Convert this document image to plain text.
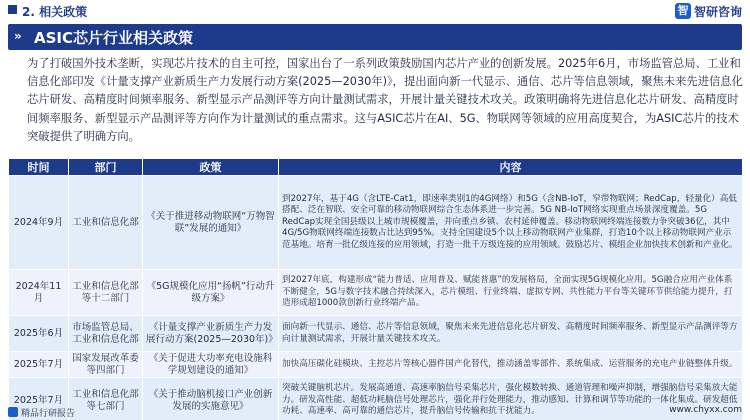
2. 相关政策	智 智研咨询
» ASIC芯片行业相关政策

为了打破国外技术垄断，实现芯片技术的自主可控，国家出台了一系列政策鼓励国内芯片产业的创新发展。2025年6月，市场监管总局、工业和信息化部印发《计量支撑产业新质生产力发展行动方案(2025—2030年)》，提出面向新一代显示、通信、芯片等信息领域，聚焦未来先进信息化芯片研发、高精度时间频率服务、新型显示产品测评等方向计量测试需求，开展计量关键技术攻关。政策明确将先进信息化芯片研发、高精度时间频率服务、新型显示产品测评等方向作为计量测试的重点需求。这与ASIC芯片在AI、5G、物联网等领域的应用高度契合，为ASIC芯片的技术突破提供了明确方向。

时间	部门	政策	内容
2024年9月	工业和信息化部	《关于推进移动物联网“万物智联”发展的通知》	到2027年，基于4G（含LTE-Cat1，即速率类别1的4G网络）和5G（含NB-IoT，窄带物联网；RedCap，轻量化）高低搭配、泛在智联、安全可靠的移动物联网综合生态体系进一步完善。5G NB-IoT网络实现重点场景深度覆盖。5G RedCap实现全国县级以上城市规模覆盖，并向重点乡镇、农村延伸覆盖。移动物联网终端连接数力争突破36亿，其中4G/5G物联网终端连接数占比达到95%。支持全国建设5个以上移动物联网产业集群，打造10个以上移动物联网产业示范基地。培育一批亿级连接的应用领域，打造一批千万级连接的应用领域。鼓励芯片、模组企业加快技术创新和产业化。
2024年11月	工业和信息化部等十二部门	《5G规模化应用“扬帆”行动升级方案》	到2027年底，构建形成“能力普适、应用普及、赋能普惠”的发展格局，全面实现5G规模化应用。5G融合应用产业体系不断健全，5G与数字技术融合持续深入，芯片模组、行业终端、虚拟专网、共性能力平台等关键环节供给能力提升，打造形成超1000款创新行业终端产品。
2025年6月	市场监管总局、工业和信息化部	《计量支撑产业新质生产力发展行动方案(2025—2030年)》	面向新一代显示、通信、芯片等信息领域，聚焦未来先进信息化芯片研发、高精度时间频率服务、新型显示产品测评等方向计量测试需求，开展计量关键技术攻关。
2025年7月	国家发展改革委等四部门	《关于促进大功率充电设施科学规划建设的通知》	加快高压碳化硅模块、主控芯片等核心器件国产化替代，推动涵盖零部件、系统集成、运营服务的充电产业链整体升级。
2025年7月	工业和信息化部等七部门	《关于推动脑机接口产业创新发展的实施意见》	突破关键脑机芯片。发展高通道、高速率脑信号采集芯片，强化模数转换、通道管理和噪声抑制，增强脑信号采集放大能力。研发高性能、超低功耗脑信号处理芯片，强化并行处理能力，推动感知、计算和调节等功能的一体化集成。研发超低功耗、高速率、高可靠的通信芯片，提升脑信号传输和抗干扰能力。
精品行研报告	www.chyxx.com
